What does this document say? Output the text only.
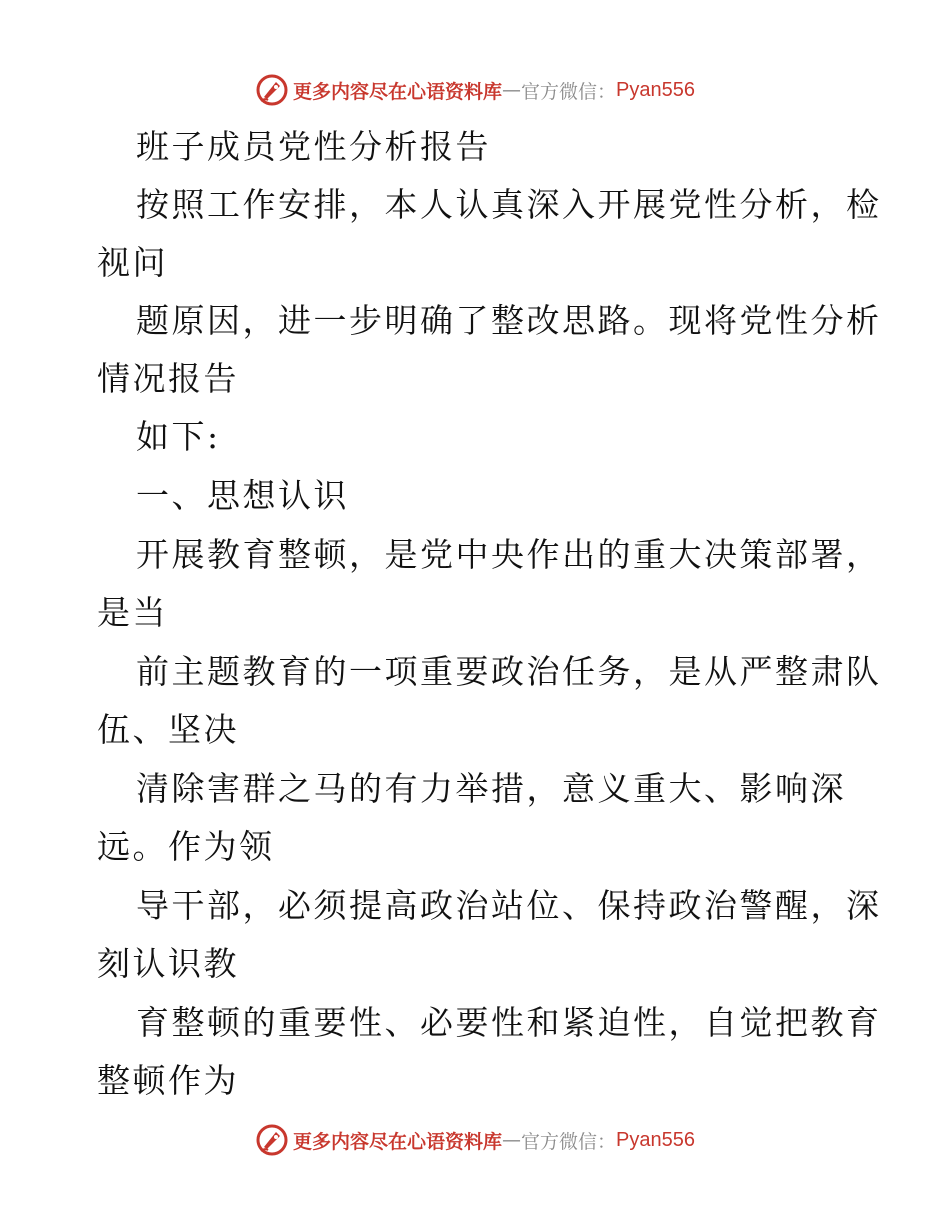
更多内容尽在心语资料库 — 官方微信： Pyan556
班子成员党性分析报告
按照工作安排，本人认真深入开展党性分析，检
视问
题原因，进一步明确了整改思路。现将党性分析
情况报告
如下:
一、思想认识
开展教育整顿，是党中央作出的重大决策部署，
是当
前主题教育的一项重要政治任务，是从严整肃队
伍、坚决
清除害群之马的有力举措，意义重大、影响深
远。作为领
导干部，必须提高政治站位、保持政治警醒，深
刻认识教
育整顿的重要性、必要性和紧迫性，自觉把教育
整顿作为
更多内容尽在心语资料库 — 官方微信： Pyan556
